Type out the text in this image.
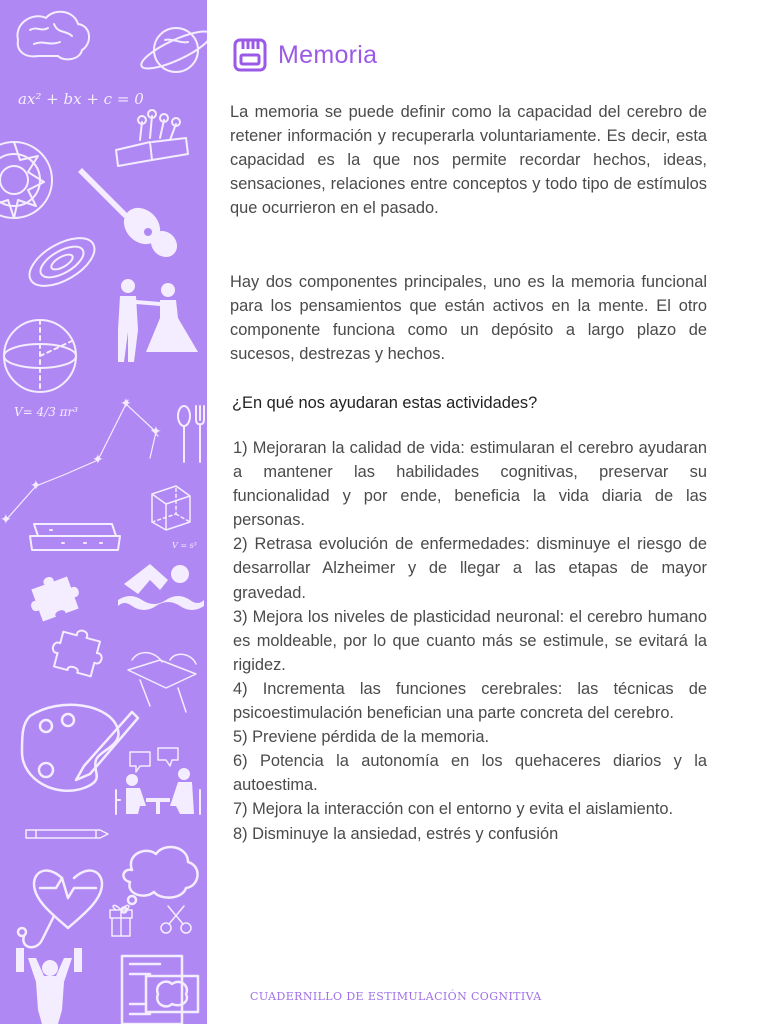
ax² + bx + c = 0
V= 4/3 πr³
✦
✦
✦
✦
✦
V = s³
Memoria

La memoria se puede definir como la capacidad del cerebro de retener información y recuperarla voluntariamente. Es decir, esta capacidad es la que nos permite recordar hechos, ideas, sensaciones, relaciones entre conceptos y todo tipo de estímulos que ocurrieron en el pasado.

Hay dos componentes principales, uno es la memoria funcional para los pensamientos que están activos en la mente. El otro componente funciona como un depósito a largo plazo de sucesos, destrezas y hechos.

¿En qué nos ayudaran estas actividades?
1) Mejoraran la calidad de vida: estimularan el cerebro ayudaran a mantener las habilidades cognitivas, preservar su funcionalidad y por ende, beneficia la vida diaria de las personas.
2) Retrasa evolución de enfermedades: disminuye el riesgo de desarrollar Alzheimer y de llegar a las etapas de mayor gravedad.
3) Mejora los niveles de plasticidad neuronal: el cerebro humano es moldeable, por lo que cuanto más se estimule, se evitará la rigidez.
4) Incrementa las funciones cerebrales: las técnicas de psicoestimulación benefician una parte concreta del cerebro.
5) Previene pérdida de la memoria.
6) Potencia la autonomía en los quehaceres diarios y la autoestima.
7) Mejora la interacción con el entorno y evita el aislamiento.
8) Disminuye la ansiedad, estrés y confusión
CUADERNILLO DE ESTIMULACIÓN COGNITIVA
